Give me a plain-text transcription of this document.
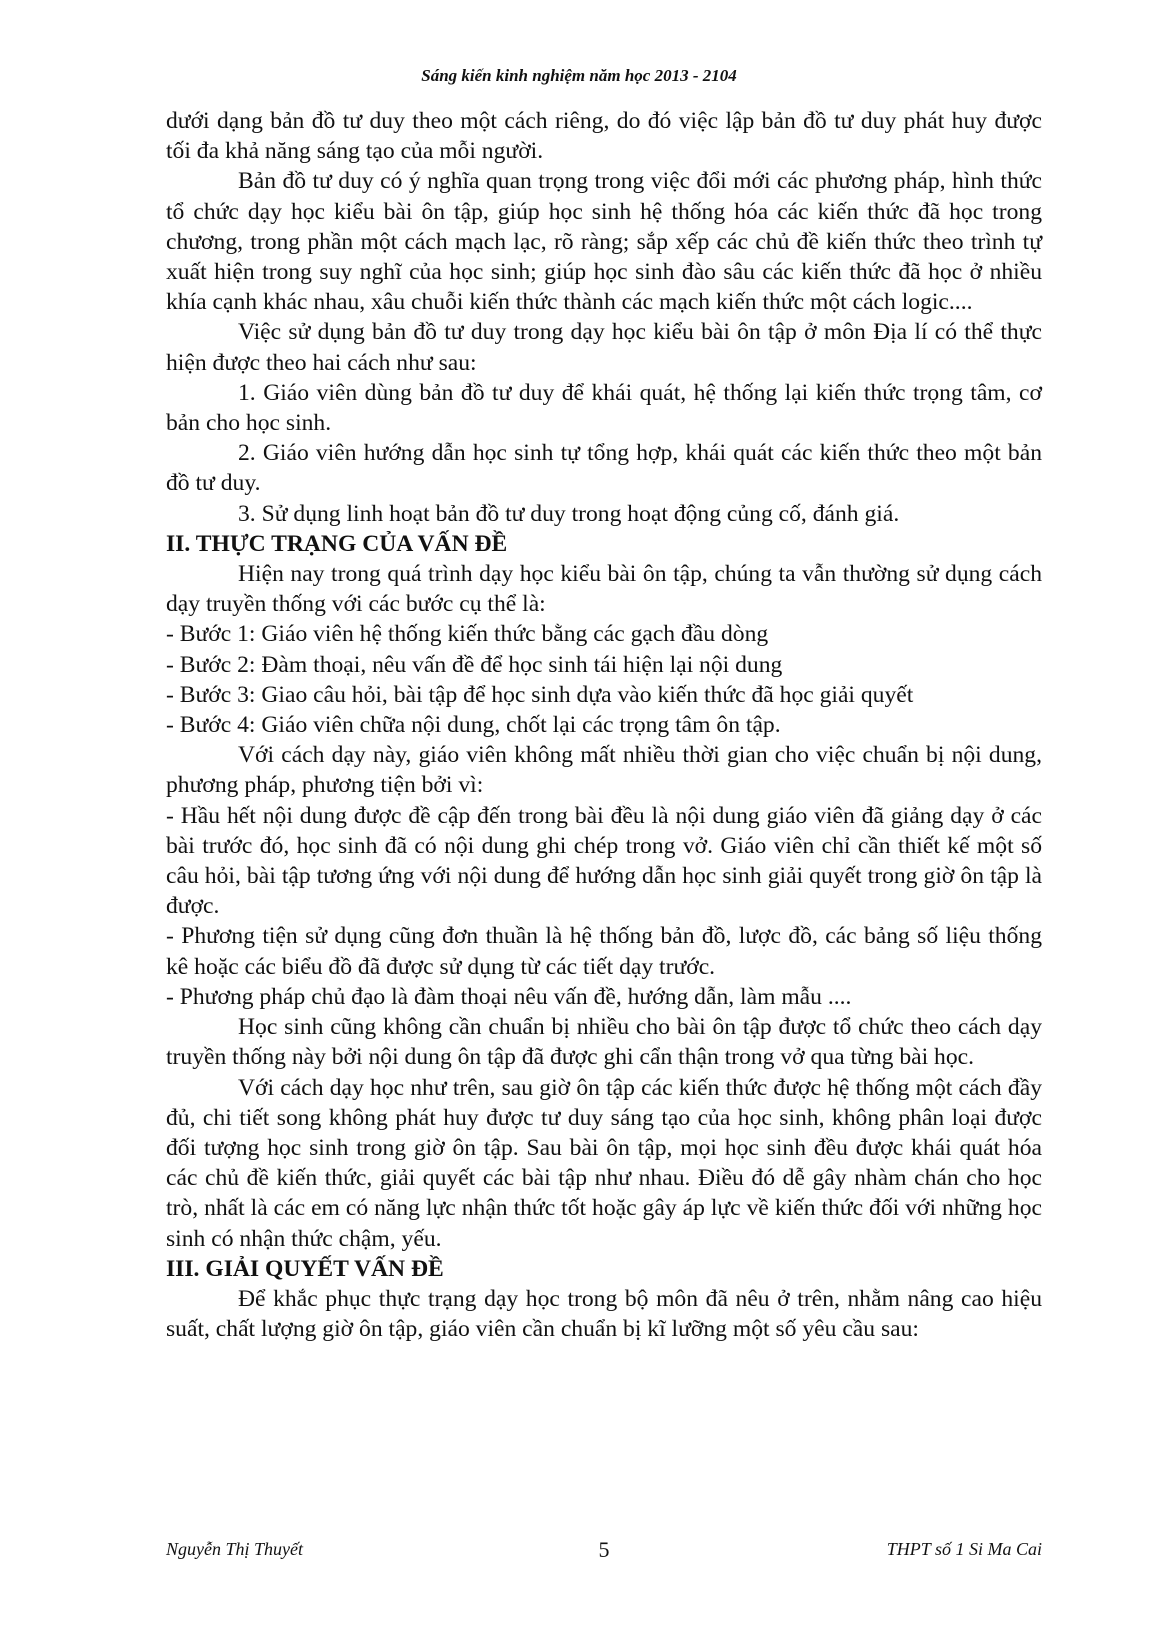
Sáng kiến kinh nghiệm năm học 2013 - 2104

dưới dạng bản đồ tư duy theo một cách riêng, do đó việc lập bản đồ tư duy phát huy được tối đa khả năng sáng tạo của mỗi người.

Bản đồ tư duy có ý nghĩa quan trọng trong việc đổi mới các phương pháp, hình thức tổ chức dạy học kiểu bài ôn tập, giúp học sinh hệ thống hóa các kiến thức đã học trong chương, trong phần một cách mạch lạc, rõ ràng; sắp xếp các chủ đề kiến thức theo trình tự xuất hiện trong suy nghĩ của học sinh; giúp học sinh đào sâu các kiến thức đã học ở nhiều khía cạnh khác nhau, xâu chuỗi kiến thức thành các mạch kiến thức một cách logic....

Việc sử dụng bản đồ tư duy trong dạy học kiểu bài ôn tập ở môn Địa lí có thể thực hiện được theo hai cách như sau:

1. Giáo viên dùng bản đồ tư duy để khái quát, hệ thống lại kiến thức trọng tâm, cơ bản cho học sinh.

2. Giáo viên hướng dẫn học sinh tự tổng hợp, khái quát các kiến thức theo một bản đồ tư duy.

3. Sử dụng linh hoạt bản đồ tư duy trong hoạt động củng cố, đánh giá.

II. THỰC TRẠNG CỦA VẤN ĐỀ

Hiện nay trong quá trình dạy học kiểu bài ôn tập, chúng ta vẫn thường sử dụng cách dạy truyền thống với các bước cụ thể là:

- Bước 1: Giáo viên hệ thống kiến thức bằng các gạch đầu dòng

- Bước 2: Đàm thoại, nêu vấn đề để học sinh tái hiện lại nội dung

- Bước 3: Giao câu hỏi, bài tập để học sinh dựa vào kiến thức đã học giải quyết

- Bước 4: Giáo viên chữa nội dung, chốt lại các trọng tâm ôn tập.

Với cách dạy này, giáo viên không mất nhiều thời gian cho việc chuẩn bị nội dung, phương pháp, phương tiện bởi vì:

- Hầu hết nội dung được đề cập đến trong bài đều là nội dung giáo viên đã giảng dạy ở các bài trước đó, học sinh đã có nội dung ghi chép trong vở. Giáo viên chỉ cần thiết kế một số câu hỏi, bài tập tương ứng với nội dung để hướng dẫn học sinh giải quyết trong giờ ôn tập là được.

- Phương tiện sử dụng cũng đơn thuần là hệ thống bản đồ, lược đồ, các bảng số liệu thống kê hoặc các biểu đồ đã được sử dụng từ các tiết dạy trước.

- Phương pháp chủ đạo là đàm thoại nêu vấn đề, hướng dẫn, làm mẫu ....

Học sinh cũng không cần chuẩn bị nhiều cho bài ôn tập được tổ chức theo cách dạy truyền thống này bởi nội dung ôn tập đã được ghi cẩn thận trong vở qua từng bài học.

Với cách dạy học như trên, sau giờ ôn tập các kiến thức được hệ thống một cách đầy đủ, chi tiết song không phát huy được tư duy sáng tạo của học sinh, không phân loại được đối tượng học sinh trong giờ ôn tập. Sau bài ôn tập, mọi học sinh đều được khái quát hóa các chủ đề kiến thức, giải quyết các bài tập như nhau. Điều đó dễ gây nhàm chán cho học trò, nhất là các em có năng lực nhận thức tốt hoặc gây áp lực về kiến thức đối với những học sinh có nhận thức chậm, yếu.

III. GIẢI QUYẾT VẤN ĐỀ

Để khắc phục thực trạng dạy học trong bộ môn đã nêu ở trên, nhằm nâng cao hiệu suất, chất lượng giờ ôn tập, giáo viên cần chuẩn bị kĩ lưỡng một số yêu cầu sau:

Nguyễn Thị Thuyết	5	THPT số 1 Si Ma Cai
